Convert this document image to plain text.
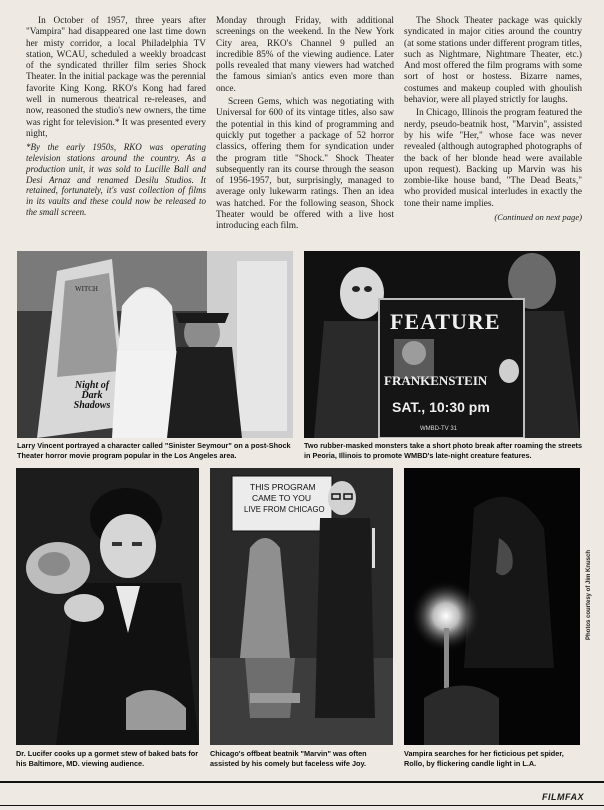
In October of 1957, three years after "Vampira" had disappeared one last time down her misty corridor, a local Philadelphia TV station, WCAU, scheduled a weekly broadcast of the syndicated thriller film series Shock Theater. In the initial package was the perennial favorite King Kong. RKO's Kong had fared well in numerous theatrical re-releases, and now, reasoned the studio's new owners, the time was right for television.* It was presented every night,

*By the early 1950s, RKO was operating television stations around the country. As a production unit, it was sold to Lucille Ball and Desi Arnaz and renamed Desilu Studios. It retained, fortunately, it's vast collection of films in its vaults and these could now be released to the small screen.

Monday through Friday, with additional screenings on the weekend. In the New York City area, RKO's Channel 9 pulled an incredible 85% of the viewing audience. Later polls revealed that many viewers had watched the famous simian's antics even more than once.

Screen Gems, which was negotiating with Universal for 600 of its vintage titles, also saw the potential in this kind of programming and quickly put together a package of 52 horror classics, offering them for syndication under the program title "Shock." Shock Theater subsequently ran its course through the season of 1956-1957, but, surprisingly, managed to average only lukewarm ratings. Then an idea was hatched. For the following season, Shock Theater would be offered with a live host introducing each film.

The Shock Theater package was quickly syndicated in major cities around the country (at some stations under different program titles, such as Nightmare, Nightmare Theater, etc.) And most offered the film programs with some sort of host or hostess. Bizarre names, costumes and makeup coupled with ghoulish behavior, were all played strictly for laughs.

In Chicago, Illinois the program featured the nerdy, pseudo-beatnik host, "Marvin", assisted by his wife "Her," whose face was never revealed (although autographed photographs of the back of her blonde head were available upon request). Backing up Marvin was his zombie-like house band, "The Dead Beats," who provided musical interludes in exactly the tone their name implies.

(Continued on next page)

Night of Dark Shadows
WITCH
Larry Vincent portrayed a character called "Sinister Seymour" on a post-Shock Theater horror movie program popular in the Los Angeles area.
FEATURE
FRANKENSTEIN
SAT., 10:30 pm
WMBD-TV 31
Two rubber-masked monsters take a short photo break after roaming the streets in Peoria, Illinois to promote WMBD's late-night creature features.
Dr. Lucifer cooks up a gormet stew of baked bats for his Baltimore, MD. viewing audience.
THIS PROGRAM
CAME TO YOU
LIVE FROM CHICAGO
Chicago's offbeat beatnik "Marvin" was often assisted by his comely but faceless wife Joy.
Vampira searches for her ficticious pet spider, Rollo, by flickering candle light in L.A.
Photos courtesy of Jim Knusch
FILMFAX
